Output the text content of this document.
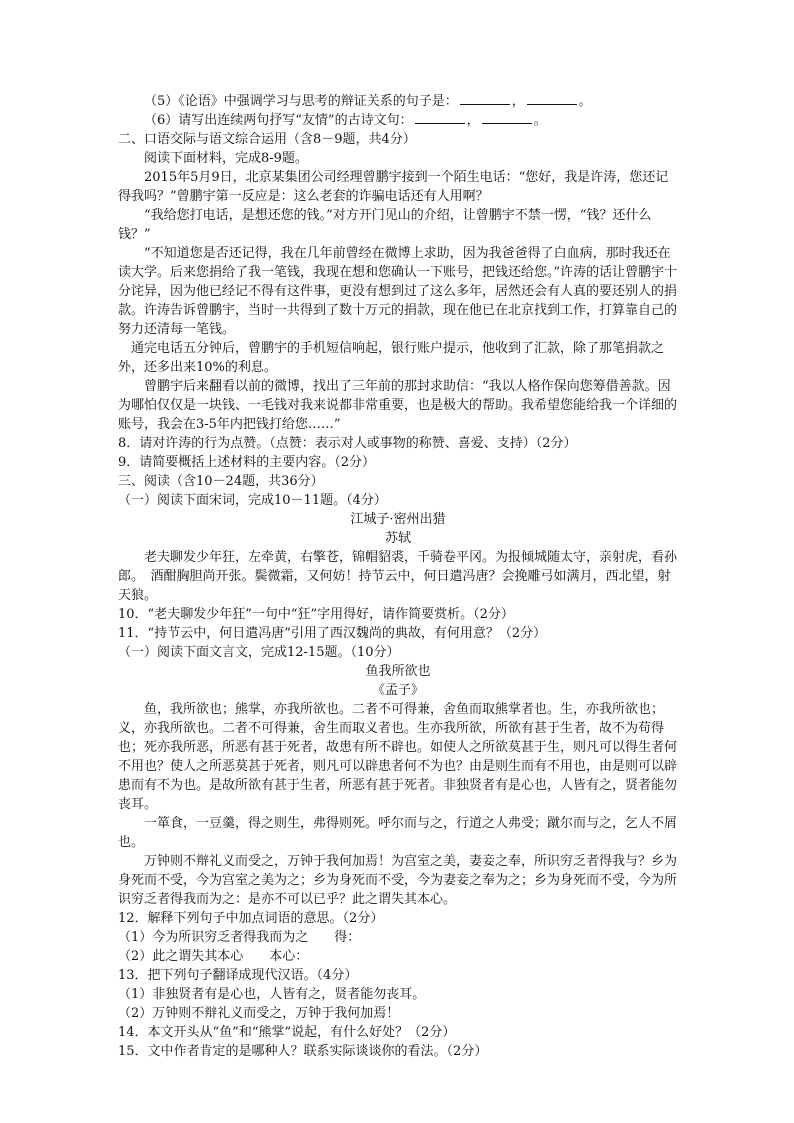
（5）《论语》中强调学习与思考的辩证关系的句子是：	，	。

（6）请写出连续两句抒写“友情”的古诗文句：	，	。

二、口语交际与语文综合运用（含8－9题，共4分）

阅读下面材料，完成8-9题。

2015年5月9日，北京某集团公司经理曾鹏宇接到一个陌生电话：“您好，我是许涛，您还记得我吗？”曾鹏宇第一反应是：这么老套的诈骗电话还有人用啊？

“我给您打电话，是想还您的钱。”对方开门见山的介绍，让曾鹏宇不禁一愣，“钱？还什么钱？”

“不知道您是否还记得，我在几年前曾经在微博上求助，因为我爸爸得了白血病，那时我还在读大学。后来您捐给了我一笔钱，我现在想和您确认一下账号，把钱还给您。”许涛的话让曾鹏宇十分诧异，因为他已经记不得有这件事，更没有想到过了这么多年，居然还会有人真的要还别人的捐款。许涛告诉曾鹏宇，当时一共得到了数十万元的捐款，现在他已在北京找到工作，打算靠自己的努力还清每一笔钱。

通完电话五分钟后，曾鹏宇的手机短信响起，银行账户提示，他收到了汇款，除了那笔捐款之外，还多出来10%的利息。

曾鹏宇后来翻看以前的微博，找出了三年前的那封求助信：“我以人格作保向您筹借善款。因为哪怕仅仅是一块钱、一毛钱对我来说都非常重要，也是极大的帮助。我希望您能给我一个详细的账号，我会在3-5年内把钱打给您……”

8．请对许涛的行为点赞。（点赞：表示对人或事物的称赞、喜爱、支持）（2分）

9．请简要概括上述材料的主要内容。（2分）

三、阅读（含10－24题，共36分）

（一）阅读下面宋词，完成10－11题。（4分）

江城子·密州出猎

苏轼

老夫聊发少年狂，左牵黄，右擎苍，锦帽貂裘，千骑卷平冈。为报倾城随太守，亲射虎，看孙郎。　酒酣胸胆尚开张。鬓微霜，又何妨！持节云中，何日遣冯唐？会挽雕弓如满月，西北望，射天狼。

10．“老夫聊发少年狂”一句中“狂”字用得好，请作简要赏析。（2分）

11．“持节云中，何日遣冯唐”引用了西汉魏尚的典故，有何用意？（2分）

（一）阅读下面文言文，完成12-15题。（10分）

鱼我所欲也

《孟子》

鱼，我所欲也；熊掌，亦我所欲也。二者不可得兼，舍鱼而取熊掌者也。生，亦我所欲也；义，亦我所欲也。二者不可得兼，舍生而取义者也。生亦我所欲，所欲有甚于生者，故不为苟得也；死亦我所恶，所恶有甚于死者，故患有所不辟也。如使人之所欲莫甚于生，则凡可以得生者何不用也？使人之所恶莫甚于死者，则凡可以辟患者何不为也？由是则生而有不用也，由是则可以辟患而有不为也。是故所欲有甚于生者，所恶有甚于死者。非独贤者有是心也，人皆有之，贤者能勿丧耳。

一箪食，一豆羹，得之则生，弗得则死。呼尔而与之，行道之人弗受；蹴尔而与之，乞人不屑也。

万钟则不辩礼义而受之，万钟于我何加焉！为宫室之美，妻妾之奉，所识穷乏者得我与？乡为身死而不受，今为宫室之美为之；乡为身死而不受，今为妻妾之奉为之；乡为身死而不受，今为所识穷乏者得我而为之：是亦不可以已乎？此之谓失其本心。

12．解释下列句子中加点词语的意思。（2分）

（1）今为所识穷乏者得我而为之　　得：

（2）此之谓失其本心　　本心：

13．把下列句子翻译成现代汉语。（4分）

（1）非独贤者有是心也，人皆有之，贤者能勿丧耳。

（2）万钟则不辩礼义而受之，万钟于我何加焉！

14．本文开头从“鱼”和“熊掌”说起，有什么好处？（2分）

15．文中作者肯定的是哪种人？联系实际谈谈你的看法。（2分）
